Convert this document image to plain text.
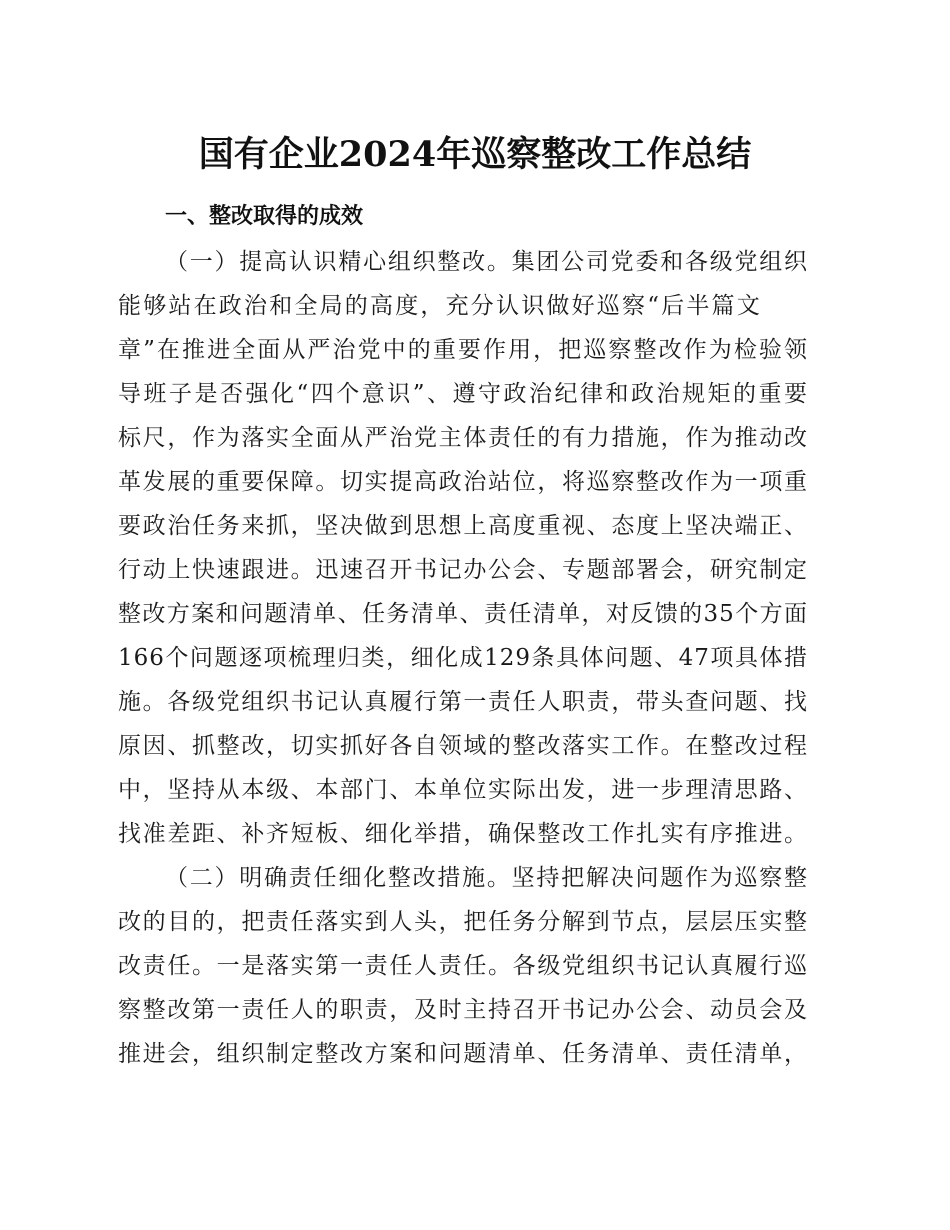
国有企业2024年巡察整改工作总结
一、整改取得的成效
（一）提高认识精心组织整改。集团公司党委和各级党组织
能够站在政治和全局的高度，充分认识做好巡察“后半篇文
章”在推进全面从严治党中的重要作用，把巡察整改作为检验领
导班子是否强化“四个意识”、遵守政治纪律和政治规矩的重要
标尺，作为落实全面从严治党主体责任的有力措施，作为推动改
革发展的重要保障。切实提高政治站位，将巡察整改作为一项重
要政治任务来抓，坚决做到思想上高度重视、态度上坚决端正、
行动上快速跟进。迅速召开书记办公会、专题部署会，研究制定
整改方案和问题清单、任务清单、责任清单，对反馈的35个方面
166个问题逐项梳理归类，细化成129条具体问题、47项具体措
施。各级党组织书记认真履行第一责任人职责，带头查问题、找
原因、抓整改，切实抓好各自领域的整改落实工作。在整改过程
中，坚持从本级、本部门、本单位实际出发，进一步理清思路、
找准差距、补齐短板、细化举措，确保整改工作扎实有序推进。
（二）明确责任细化整改措施。坚持把解决问题作为巡察整
改的目的，把责任落实到人头，把任务分解到节点，层层压实整
改责任。一是落实第一责任人责任。各级党组织书记认真履行巡
察整改第一责任人的职责，及时主持召开书记办公会、动员会及
推进会，组织制定整改方案和问题清单、任务清单、责任清单，
